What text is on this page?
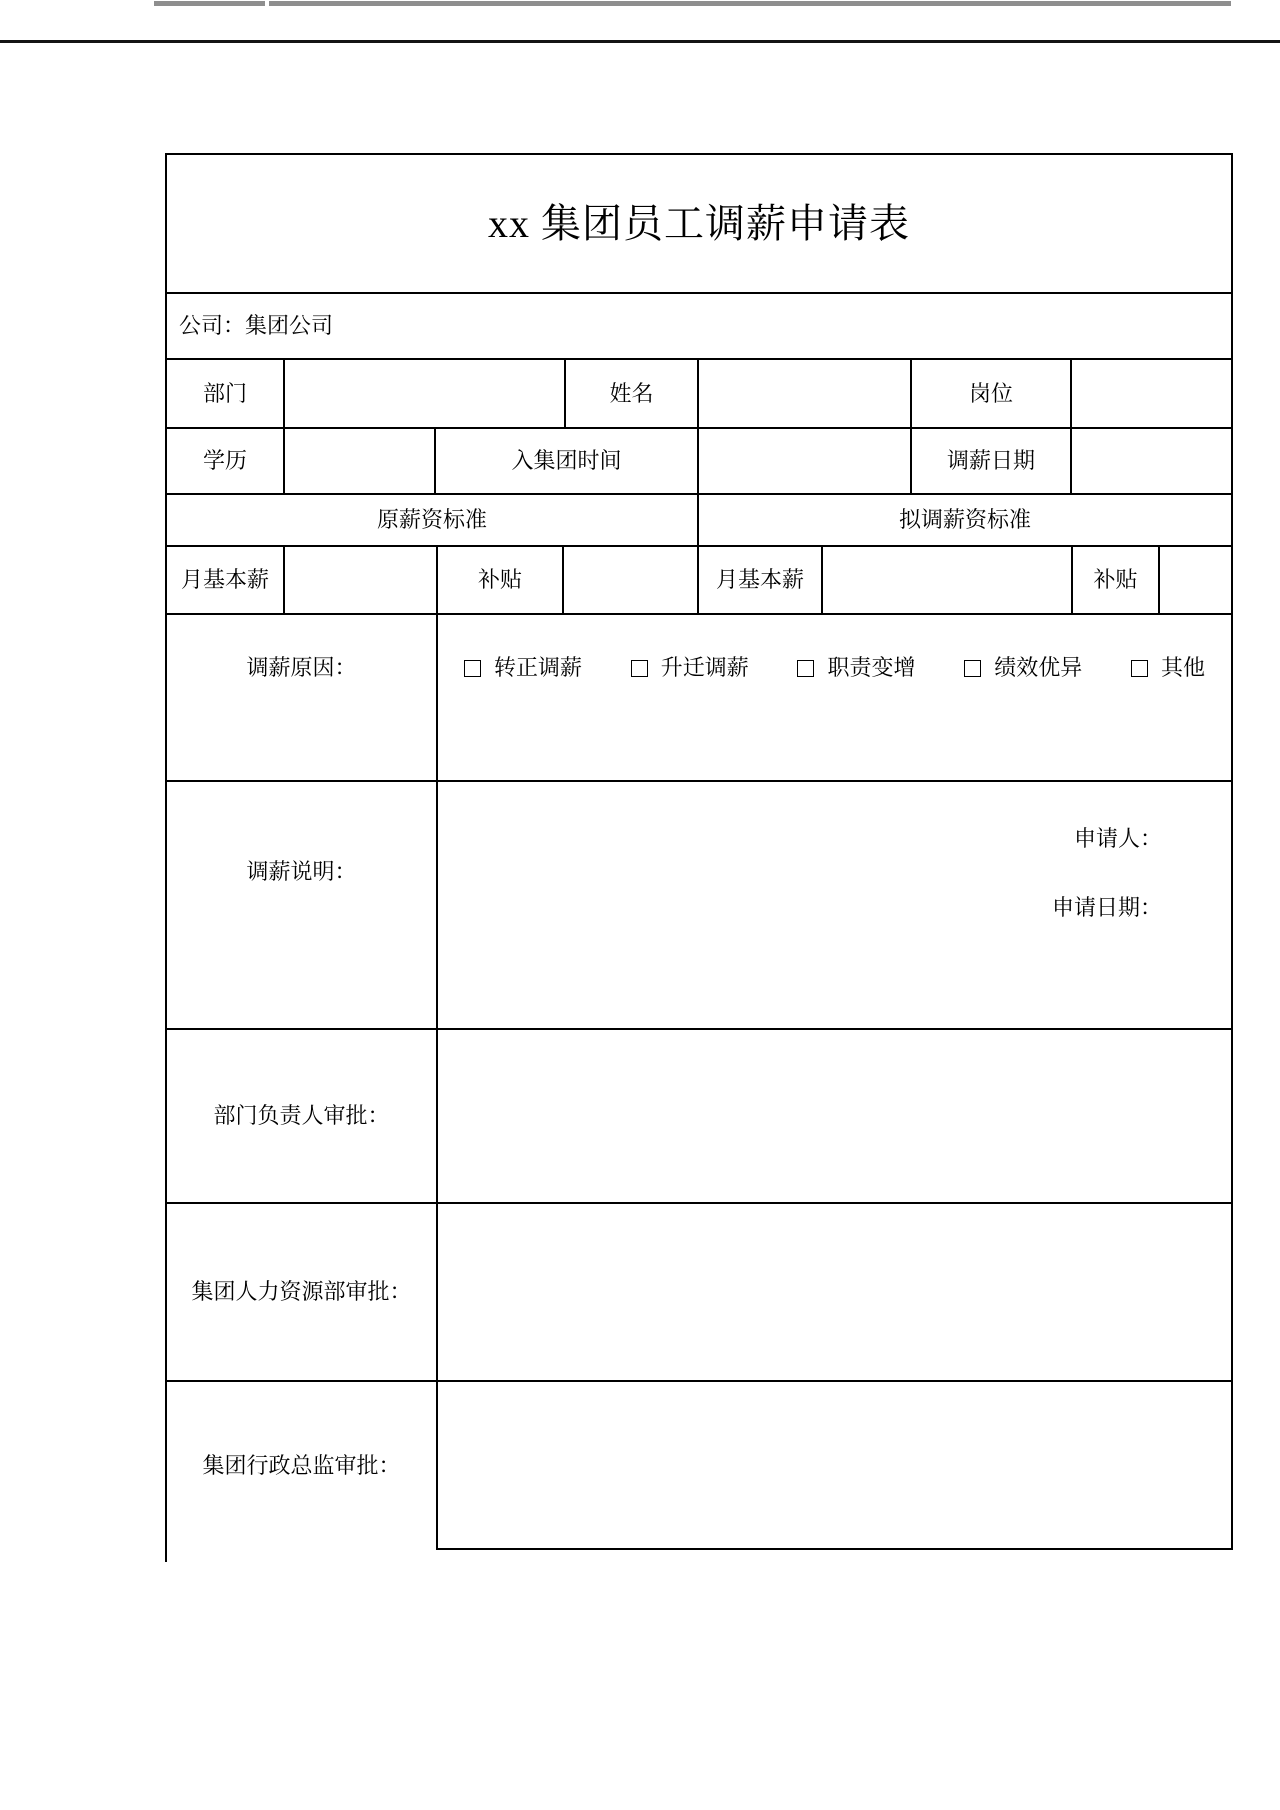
xx 集团员工调薪申请表
公司：集团公司
部门	姓名	岗位
学历	入集团时间	调薪日期
原薪资标准	拟调薪资标准
月基本薪	补贴	月基本薪	补贴
调薪原因：	转正调薪	升迁调薪	职责变增	绩效优异	其他
调薪说明：
申请人：
申请日期：
部门负责人审批：
集团人力资源部审批：
集团行政总监审批：
